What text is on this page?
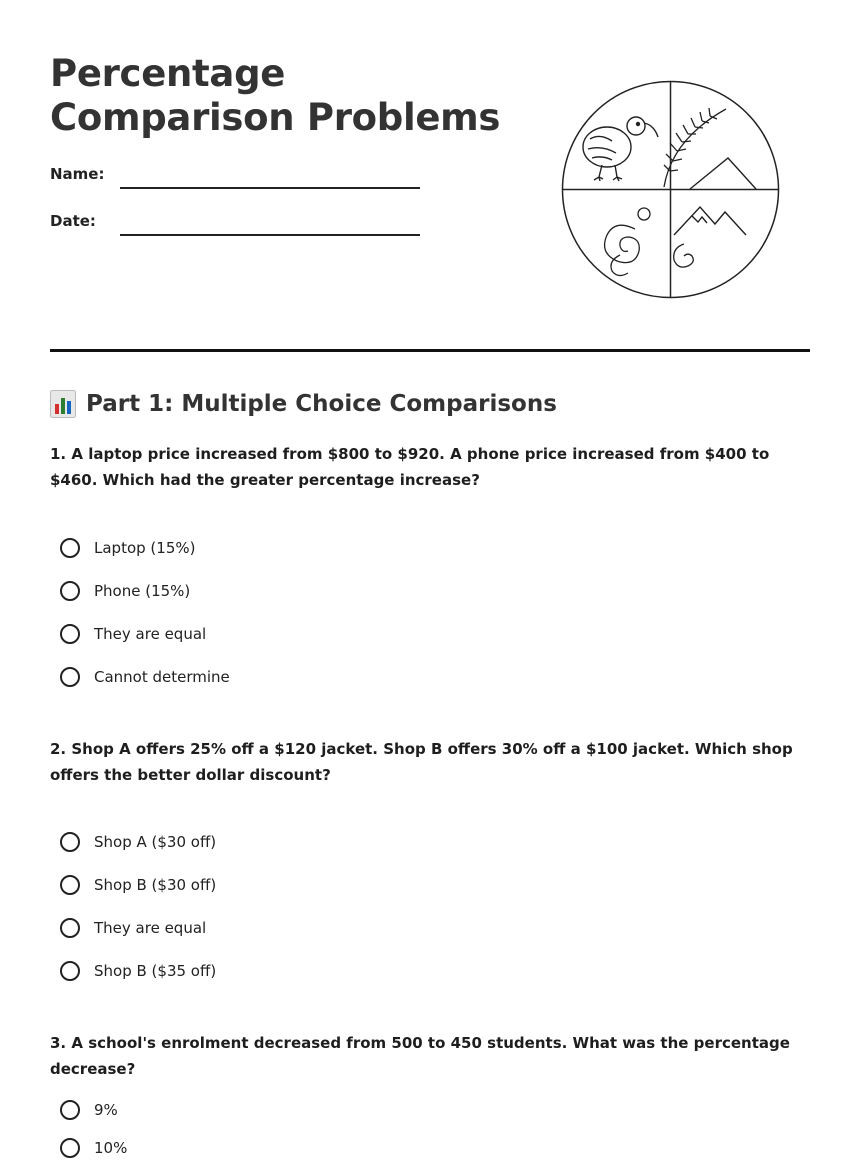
Percentage Comparison Problems
Name:
Date:
Part 1: Multiple Choice Comparisons

1. A laptop price increased from $800 to $920. A phone price increased from $400 to $460. Which had the greater percentage increase?

Laptop (15%)
Phone (15%)
They are equal
Cannot determine

2. Shop A offers 25% off a $120 jacket. Shop B offers 30% off a $100 jacket. Which shop offers the better dollar discount?

Shop A ($30 off)
Shop B ($30 off)
They are equal
Shop B ($35 off)

3. A school's enrolment decreased from 500 to 450 students. What was the percentage decrease?

9%
10%
